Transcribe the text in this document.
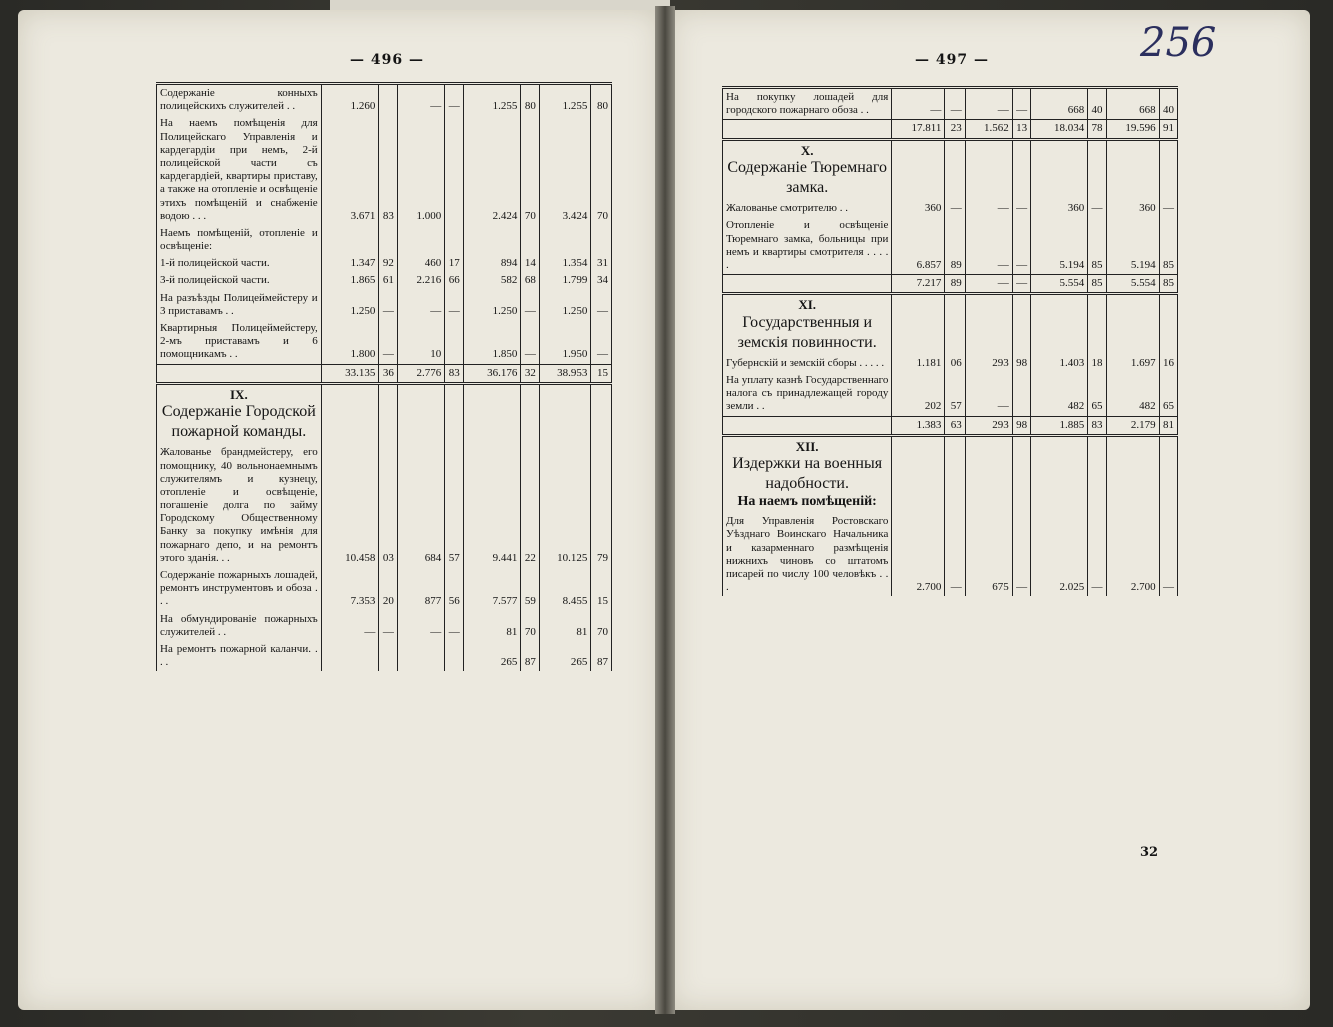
— 496 —	— 497 —	256
32

Содержаніе конныхъ полицейскихъ служителей . .	1.260		—	—	1.255	80	1.255	80
На наемъ помѣщенія для Полицейскаго Управленія и кардегардіи при немъ, 2-й полицейской части съ кардегардіей, квартиры приставу, а также на отопленіе и освѣщеніе этихъ помѣщеній и снабженіе водою . . .	3.671	83	1.000		2.424	70	3.424	70
Наемъ помѣщеній, отопленіе и освѣщеніе:								
1-й полицейской части.	1.347	92	460	17	894	14	1.354	31
3-й полицейской части.	1.865	61	2.216	66	582	68	1.799	34
На разъѣзды Полицеймейстеру и 3 приставамъ . .	1.250	—	—	—	1.250	—	1.250	—
Квартирныя Полицеймейстеру, 2-мъ приставамъ и 6 помощникамъ . .	1.800	—	10		1.850	—	1.950	—
	33.135	36	2.776	83	36.176	32	38.953	15

IX.
Содержаніе Городской пожарной команды.								

Жалованье брандмейстеру, его помощнику, 40 вольнонаемнымъ служителямъ и кузнецу, отопленіе и освѣщеніе, погашеніе долга по займу Городскому Общественному Банку за покупку имѣнія для пожарнаго депо, и на ремонтъ этого зданія. . .	10.458	03	684	57	9.441	22	10.125	79
Содержаніе пожарныхъ лошадей, ремонтъ инструментовъ и обоза . . .	7.353	20	877	56	7.577	59	8.455	15
На обмундированіе пожарныхъ служителей . .	—	—	—	—	81	70	81	70
На ремонтъ пожарной каланчи. . . .					265	87	265	87

На покупку лошадей для городского пожарнаго обоза . .	—	—	—	—	668	40	668	40
	17.811	23	1.562	13	18.034	78	19.596	91

X.
Содержаніе Тюремнаго замка.								

Жалованье смотрителю . .	360	—	—	—	360	—	360	—
Отопленіе и освѣщеніе Тюремнаго замка, больницы при немъ и квартиры смотрителя . . . . .	6.857	89	—	—	5.194	85	5.194	85
	7.217	89	—	—	5.554	85	5.554	85

XI.
Государственныя и земскія повинности.								

Губернскій и земскій сборы . . . . .	1.181	06	293	98	1.403	18	1.697	16
На уплату казнѣ Государственнаго налога съ принадлежащей городу земли . .	202	57	—		482	65	482	65
	1.383	63	293	98	1.885	83	2.179	81

XII.
Издержки на военныя надобности.
На наемъ помѣщеній:								

Для Управленія Ростовскаго Уѣзднаго Воинскаго Начальника и казарменнаго размѣщенія нижнихъ чиновъ со штатомъ писарей по числу 100 человѣкъ . . .	2.700	—	675	—	2.025	—	2.700	—
